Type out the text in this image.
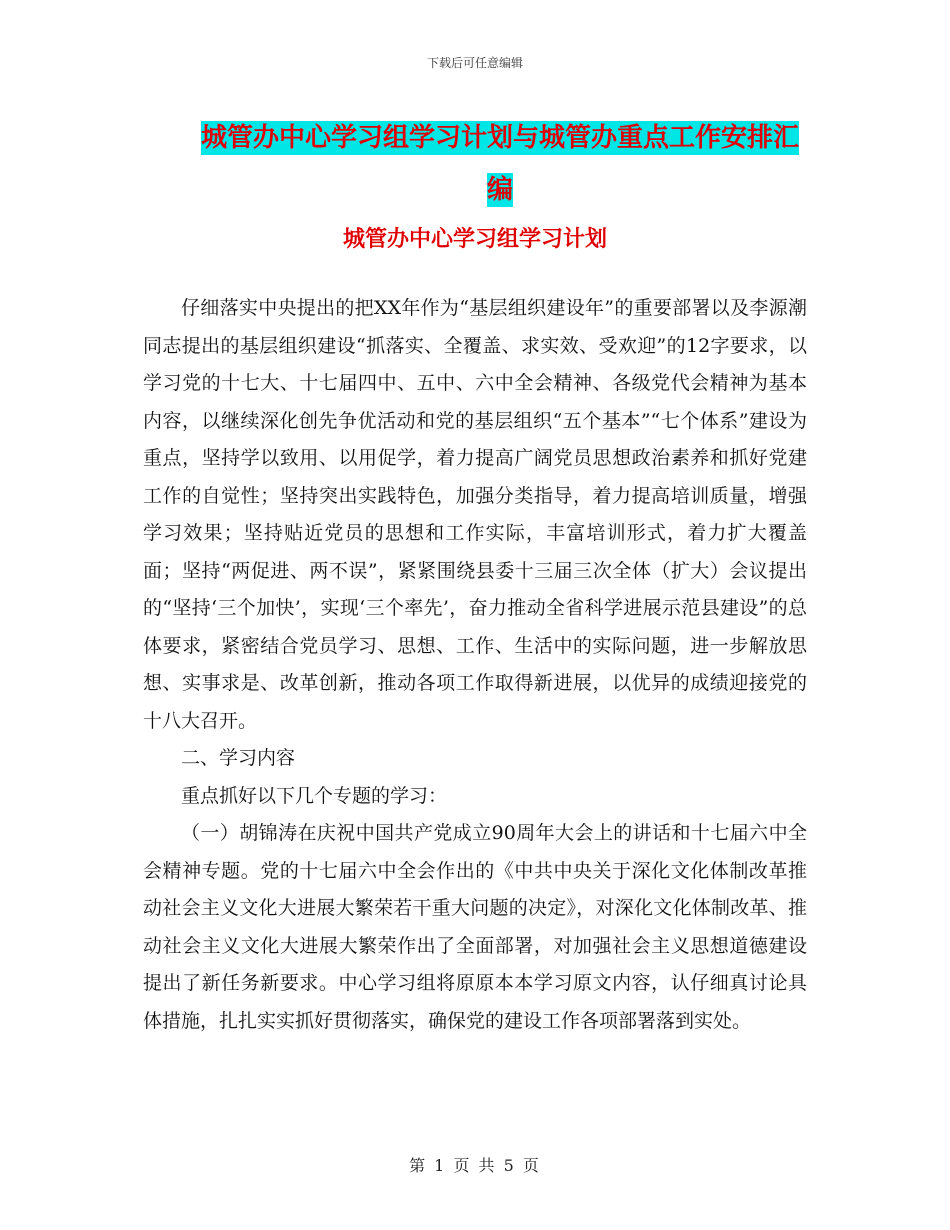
下载后可任意编辑
城管办中心学习组学习计划与城管办重点工作安排汇编
城管办中心学习组学习计划

仔细落实中央提出的把XX年作为“基层组织建设年”的重要部署以及李源潮同志提出的基层组织建设“抓落实、全覆盖、求实效、受欢迎”的12字要求，以学习党的十七大、十七届四中、五中、六中全会精神、各级党代会精神为基本内容，以继续深化创先争优活动和党的基层组织“五个基本”“七个体系”建设为重点，坚持学以致用、以用促学，着力提高广阔党员思想政治素养和抓好党建工作的自觉性；坚持突出实践特色，加强分类指导，着力提高培训质量，增强学习效果；坚持贴近党员的思想和工作实际，丰富培训形式，着力扩大覆盖面；坚持“两促进、两不误”，紧紧围绕县委十三届三次全体（扩大）会议提出的“坚持‘三个加快’，实现‘三个率先’，奋力推动全省科学进展示范县建设”的总体要求，紧密结合党员学习、思想、工作、生活中的实际问题，进一步解放思想、实事求是、改革创新，推动各项工作取得新进展，以优异的成绩迎接党的十八大召开。

二、学习内容

重点抓好以下几个专题的学习：

（一）胡锦涛在庆祝中国共产党成立90周年大会上的讲话和十七届六中全会精神专题。党的十七届六中全会作出的《中共中央关于深化文化体制改革推动社会主义文化大进展大繁荣若干重大问题的决定》，对深化文化体制改革、推动社会主义文化大进展大繁荣作出了全面部署，对加强社会主义思想道德建设提出了新任务新要求。中心学习组将原原本本学习原文内容，认仔细真讨论具体措施，扎扎实实抓好贯彻落实，确保党的建设工作各项部署落到实处。

第 1 页 共 5 页
